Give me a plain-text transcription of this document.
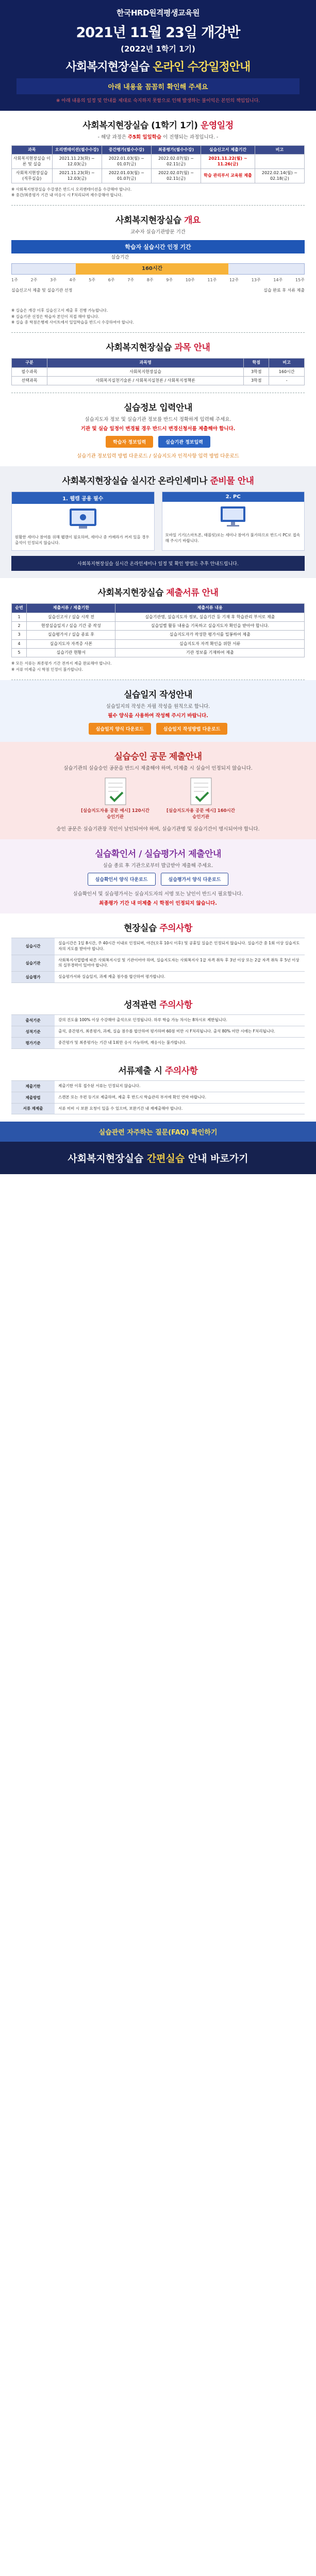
한국HRD원격평생교육원
2021년 11월 23일 개강반
(2022년 1학기 1기)
사회복지현장실습 온라인 수강일정안내
아래 내용을 꼼꼼히 확인해 주세요
※ 아래 내용의 일정 및 안내를 제대로 숙지하지 못함으로 인해 발생하는 불이익은 본인의 책임입니다.
사회복지현장실습 (1학기 1기) 운영일정
- 해당 과정은 주5회 일일학습 이 진행되는 과정입니다. -
과목	오리엔테이션(필수수강)	중간평가(필수수강)	최종평가(필수수강)	실습신고서 제출기간	비고
사회복지현장실습 이론 및 실습	2021.11.23(화) ~ 12.03(금)	2022.01.03(월) ~ 01.07(금)	2022.02.07(월) ~ 02.11(금)	2021.11.22(월) ~ 11.26(금)	
사회복지현장실습 (직무실습)	2021.11.23(화) ~ 12.03(금)	2022.01.03(월) ~ 01.07(금)	2022.02.07(월) ~ 02.11(금)	학습 관리부서 교육원 제출	2022.02.14(월) ~ 02.18(금)
※ 사회복지현장실습 수강생은 반드시 오리엔테이션을 수강해야 합니다.
※ 중간/최종평가 기간 내 미응시 시 F처리되며 재수강해야 합니다.
사회복지현장실습 개요
교수자 실습기관방문 기간
학습자 실습시간 인정 기간
실습기간
160시간
1주	2주	3주	4주	5주	6주	7주	8주	9주	10주	11주	12주	13주	14주	15주
실습신고서 제출 및 실습기관 선정	실습 완료 후 서류 제출
※ 실습은 개강 이후 실습신고서 제출 후 진행 가능합니다.
※ 실습기관 선정은 학습자 본인이 직접 해야 합니다.
※ 실습 중 학점은행제 사이트에서 일일학습을 반드시 수강하여야 합니다.
사회복지현장실습 과목 안내
구분	과목명	학점	비고
필수과목	사회복지현장실습	3학점	160시간
선택과목	사회복지실천기술론 / 사회복지실천론 / 사회복지정책론	3학점	-
실습정보 입력안내
실습지도자 정보 및 실습기관 정보를 반드시 정확하게 입력해 주세요.
기관 및 실습 일정이 변경될 경우 반드시 변경신청서를 제출해야 합니다.
학습자 정보입력	실습기관 정보입력
실습기관 정보입력 방법 다운로드 / 실습지도자 인적사항 입력 방법 다운로드
사회복지현장실습 실시간 온라인세미나 준비물 안내
1. 웹캠 공용 필수
원활한 세미나 참여를 위해 웹캠이 필요하며, 세미나 중 카메라가 꺼져 있을 경우 출석이 인정되지 않습니다.
2. PC
모바일 기기(스마트폰, 태블릿)로는 세미나 참여가 불가하므로 반드시 PC로 접속해 주시기 바랍니다.
사회복지현장실습 실시간 온라인세미나 일정 및 확인 방법은 추후 안내드립니다.
사회복지현장실습 제출서류 안내
순번	제출서류 / 제출기한	제출서류 내용
1	실습신고서 / 실습 시작 전	실습기관명, 실습지도자 정보, 실습기간 등 기재 후 학습관리 부서로 제출
2	현장실습일지 / 실습 기간 중 작성	실습일별 활동 내용을 기록하고 실습지도자 확인을 받아야 합니다.
3	실습평가서 / 실습 종료 후	실습지도자가 작성한 평가서를 밀봉하여 제출
4	실습지도자 자격증 사본	실습지도자 자격 확인을 위한 서류
5	실습기관 현황서	기관 정보를 기재하여 제출
※ 모든 서류는 최종평가 기간 전까지 제출 완료해야 합니다.
※ 서류 미제출 시 학점 인정이 불가합니다.
실습일지 작성안내
실습일지의 작성은 자필 작성을 원칙으로 합니다.
필수 양식을 사용하여 작성해 주시기 바랍니다.
실습일지 양식 다운로드	실습일지 작성방법 다운로드
실습승인 공문 제출안내
실습기관의 실습승인 공문을 반드시 제출해야 하며, 미제출 시 실습이 인정되지 않습니다.
[실습지도자용 공문 예시] 120시간 승인기관
[실습지도자용 공문 예시] 160시간 승인기관
승인 공문은 실습기관장 직인이 날인되어야 하며, 실습기관명 및 실습기간이 명시되어야 합니다.
실습확인서 / 실습평가서 제출안내
실습 종료 후 기관으로부터 발급받아 제출해 주세요.
실습확인서 양식 다운로드	실습평가서 양식 다운로드
실습확인서 및 실습평가서는 실습지도자의 서명 또는 날인이 반드시 필요합니다.
최종평가 기간 내 미제출 시 학점이 인정되지 않습니다.
현장실습 주의사항
실습시간
실습시간은 1일 8시간, 주 40시간 이내로 인정되며, 야간(오후 10시 이후) 및 공휴일 실습은 인정되지 않습니다. 실습기간 중 1회 이상 실습지도자의 지도를 받아야 합니다.
실습기관
사회복지사업법에 따른 사회복지시설 및 기관이어야 하며, 실습지도자는 사회복지사 1급 자격 취득 후 3년 이상 또는 2급 자격 취득 후 5년 이상의 실무경력이 있어야 합니다.
실습평가	실습평가서와 실습일지, 과제 제출 점수를 합산하여 평가합니다.
성적관련 주의사항
출석기준	강의 진도율 100% 이상 수강해야 출석으로 인정됩니다. 하루 학습 가능 차시는 8차시로 제한됩니다.
성적기준	출석, 중간평가, 최종평가, 과제, 실습 점수를 합산하여 평가하며 60점 미만 시 F처리됩니다. 출석 80% 미만 시에는 F처리됩니다.
평가기준	중간평가 및 최종평가는 기간 내 1회만 응시 가능하며, 재응시는 불가합니다.
서류제출 시 주의사항
제출기한	제출기한 이후 접수된 서류는 인정되지 않습니다.
제출방법	스캔본 또는 우편 등기로 제출하며, 제출 후 반드시 학습관리 부서에 확인 연락 바랍니다.
서류 재제출	서류 미비 시 보완 요청이 있을 수 있으며, 보완기간 내 재제출해야 합니다.
실습관련 자주하는 질문(FAQ) 확인하기
사회복지현장실습 간편실습 안내 바로가기
